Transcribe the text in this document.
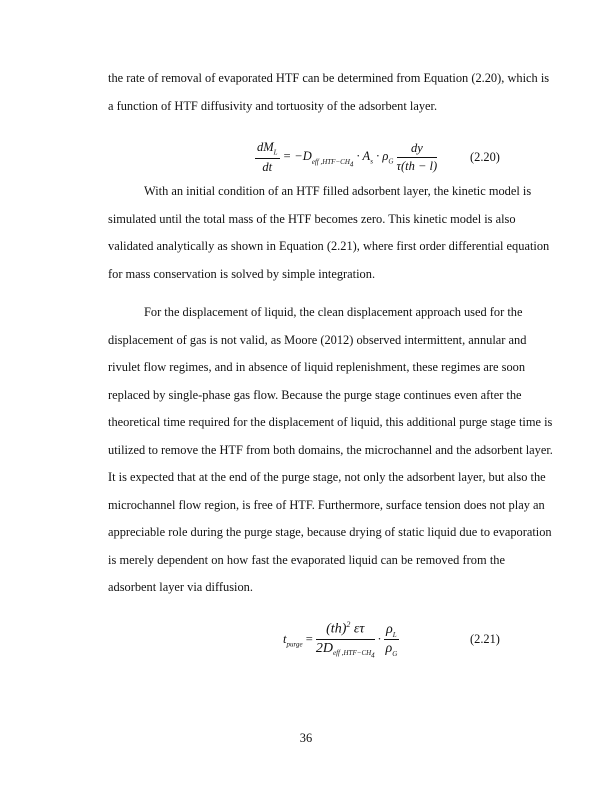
the rate of removal of evaporated HTF can be determined from Equation (2.20), which is
a function of HTF diffusivity and tortuosity of the adsorbent layer.
$\frac{dM_L}{dt} = -D_{eff ,HTF-CH_4} \cdot A_s \cdot \rho_G \frac{dy}{\tau(th - l)}$	(2.20)
With an initial condition of an HTF filled adsorbent layer, the kinetic model is
simulated until the total mass of the HTF becomes zero. This kinetic model is also
validated analytically as shown in Equation (2.21), where first order differential equation
for mass conservation is solved by simple integration.
For the displacement of liquid, the clean displacement approach used for the
displacement of gas is not valid, as Moore (2012) observed intermittent, annular and
rivulet flow regimes, and in absence of liquid replenishment, these regimes are soon
replaced by single-phase gas flow. Because the purge stage continues even after the
theoretical time required for the displacement of liquid, this additional purge stage time is
utilized to remove the HTF from both domains, the microchannel and the adsorbent layer.
It is expected that at the end of the purge stage, not only the adsorbent layer, but also the
microchannel flow region, is free of HTF. Furthermore, surface tension does not play an
appreciable role during the purge stage, because drying of static liquid due to evaporation
is merely dependent on how fast the evaporated liquid can be removed from the
adsorbent layer via diffusion.
$t_{purge} = \frac{(th)^2 \varepsilon\tau}{2D_{eff ,HTF-CH_4}} \cdot \frac{\rho_L}{\rho_G}$	(2.21)
36
